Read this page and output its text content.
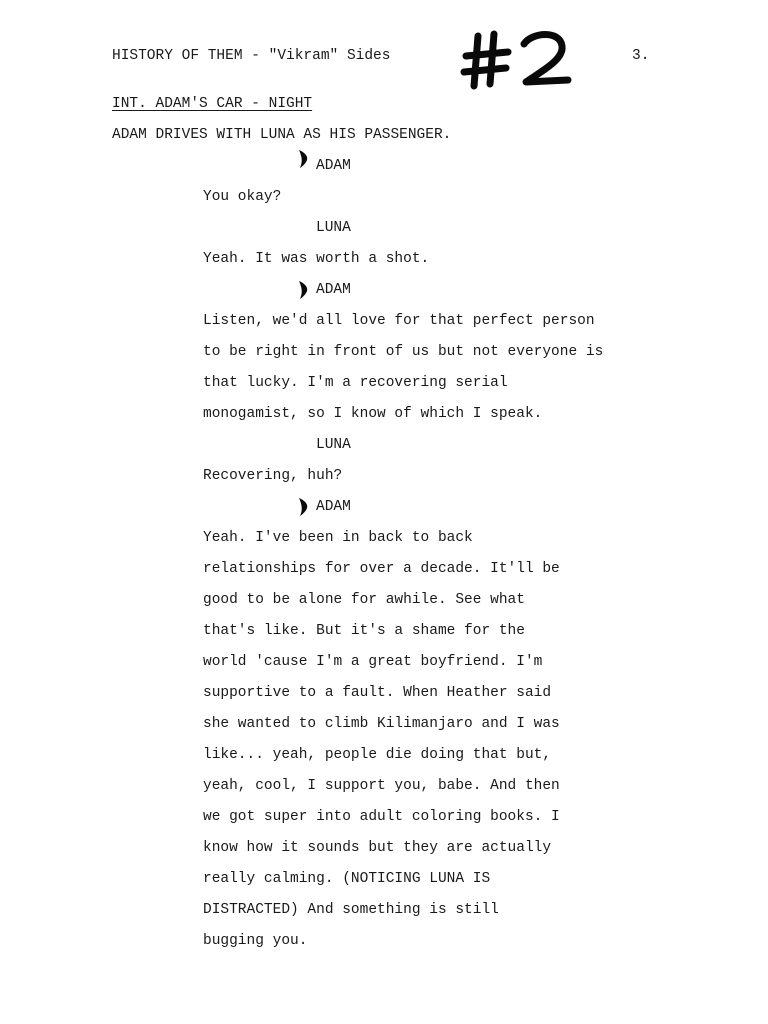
HISTORY OF THEM - "Vikram" Sides	3.
INT. ADAM'S CAR - NIGHT
ADAM DRIVES WITH LUNA AS HIS PASSENGER.
ADAM
You okay?
LUNA
Yeah. It was worth a shot.
ADAM
Listen, we'd all love for that perfect person
to be right in front of us but not everyone is
that lucky. I'm a recovering serial
monogamist, so I know of which I speak.
LUNA
Recovering, huh?
ADAM
Yeah. I've been in back to back
relationships for over a decade. It'll be
good to be alone for awhile. See what
that's like. But it's a shame for the
world 'cause I'm a great boyfriend. I'm
supportive to a fault. When Heather said
she wanted to climb Kilimanjaro and I was
like... yeah, people die doing that but,
yeah, cool, I support you, babe. And then
we got super into adult coloring books. I
know how it sounds but they are actually
really calming. (NOTICING LUNA IS
DISTRACTED) And something is still
bugging you.
